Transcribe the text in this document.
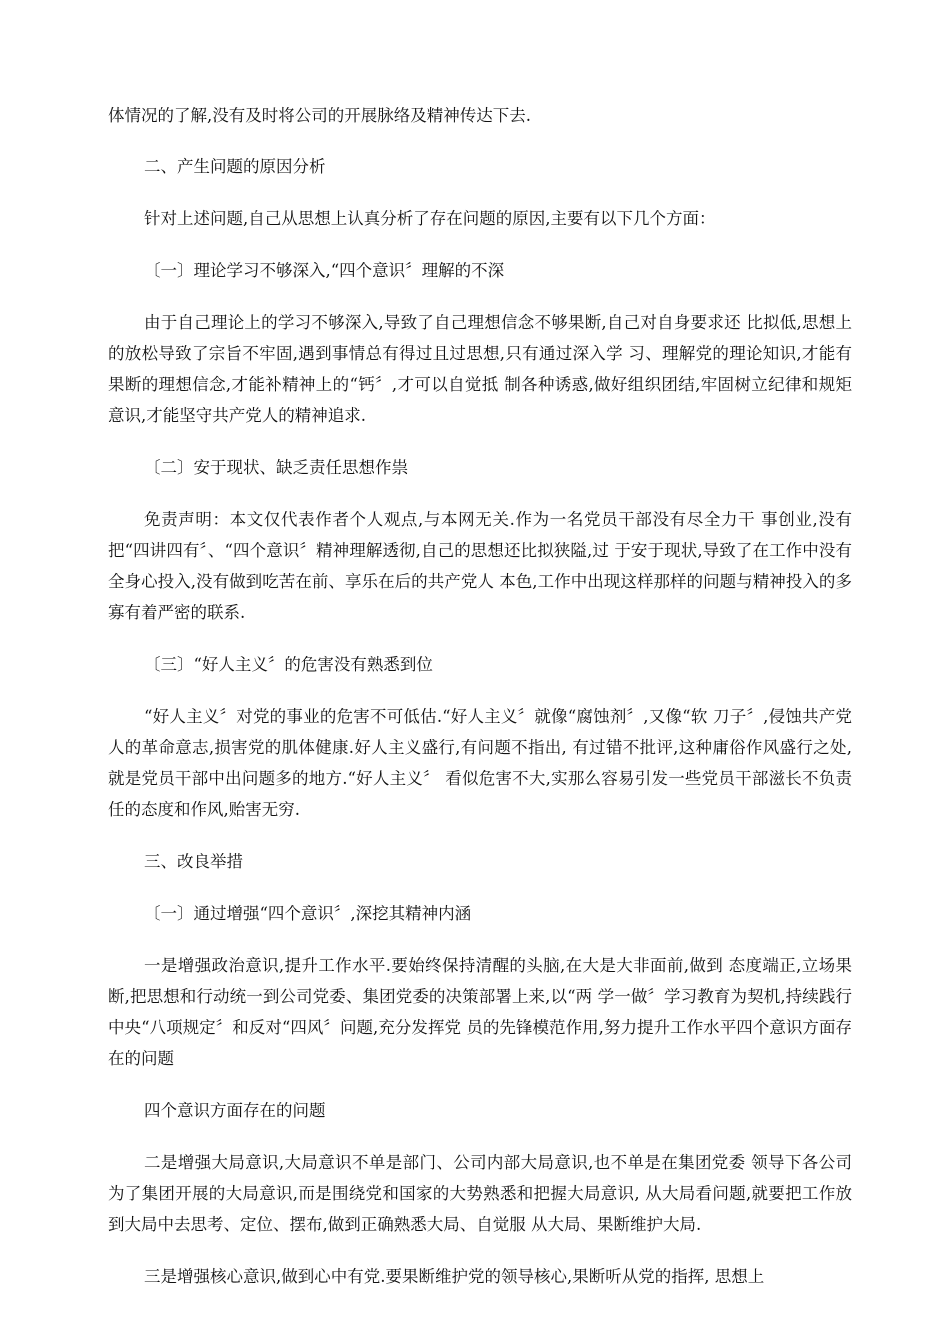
体情况的了解,没有及时将公司的开展脉络及精神传达下去.

二、产生问题的原因分析

针对上述问题,自己从思想上认真分析了存在问题的原因,主要有以下几个方面：

〔一〕理论学习不够深入,“四个意识〞理解的不深

由于自己理论上的学习不够深入,导致了自己理想信念不够果断,自己对自身要求还 比拟低,思想上的放松导致了宗旨不牢固,遇到事情总有得过且过思想,只有通过深入学 习、理解党的理论知识,才能有果断的理想信念,才能补精神上的“钙〞,才可以自觉抵 制各种诱惑,做好组织团结,牢固树立纪律和规矩意识,才能坚守共产党人的精神追求.

〔二〕安于现状、缺乏责任思想作祟

免责声明：本文仅代表作者个人观点,与本网无关.作为一名党员干部没有尽全力干 事创业,没有把“四讲四有〞、“四个意识〞精神理解透彻,自己的思想还比拟狭隘,过 于安于现状,导致了在工作中没有全身心投入,没有做到吃苦在前、享乐在后的共产党人 本色,工作中出现这样那样的问题与精神投入的多寡有着严密的联系.

〔三〕“好人主义〞的危害没有熟悉到位

“好人主义〞对党的事业的危害不可低估.“好人主义〞就像“腐蚀剂〞,又像“软 刀子〞,侵蚀共产党人的革命意志,损害党的肌体健康.好人主义盛行,有问题不指出, 有过错不批评,这种庸俗作风盛行之处,就是党员干部中出问题多的地方.“好人主义〞 看似危害不大,实那么容易引发一些党员干部滋长不负责任的态度和作风,贻害无穷.

三、改良举措

〔一〕通过增强“四个意识〞,深挖其精神内涵

一是增强政治意识,提升工作水平.要始终保持清醒的头脑,在大是大非面前,做到 态度端正,立场果断,把思想和行动统一到公司党委、集团党委的决策部署上来,以“两 学一做〞学习教育为契机,持续践行中央“八项规定〞和反对“四风〞问题,充分发挥党 员的先锋模范作用,努力提升工作水平四个意识方面存在的问题

四个意识方面存在的问题

二是增强大局意识,大局意识不单是部门、公司内部大局意识,也不单是在集团党委 领导下各公司为了集团开展的大局意识,而是围绕党和国家的大势熟悉和把握大局意识, 从大局看问题,就要把工作放到大局中去思考、定位、摆布,做到正确熟悉大局、自觉服 从大局、果断维护大局.

三是增强核心意识,做到心中有党.要果断维护党的领导核心,果断听从党的指挥, 思想上
